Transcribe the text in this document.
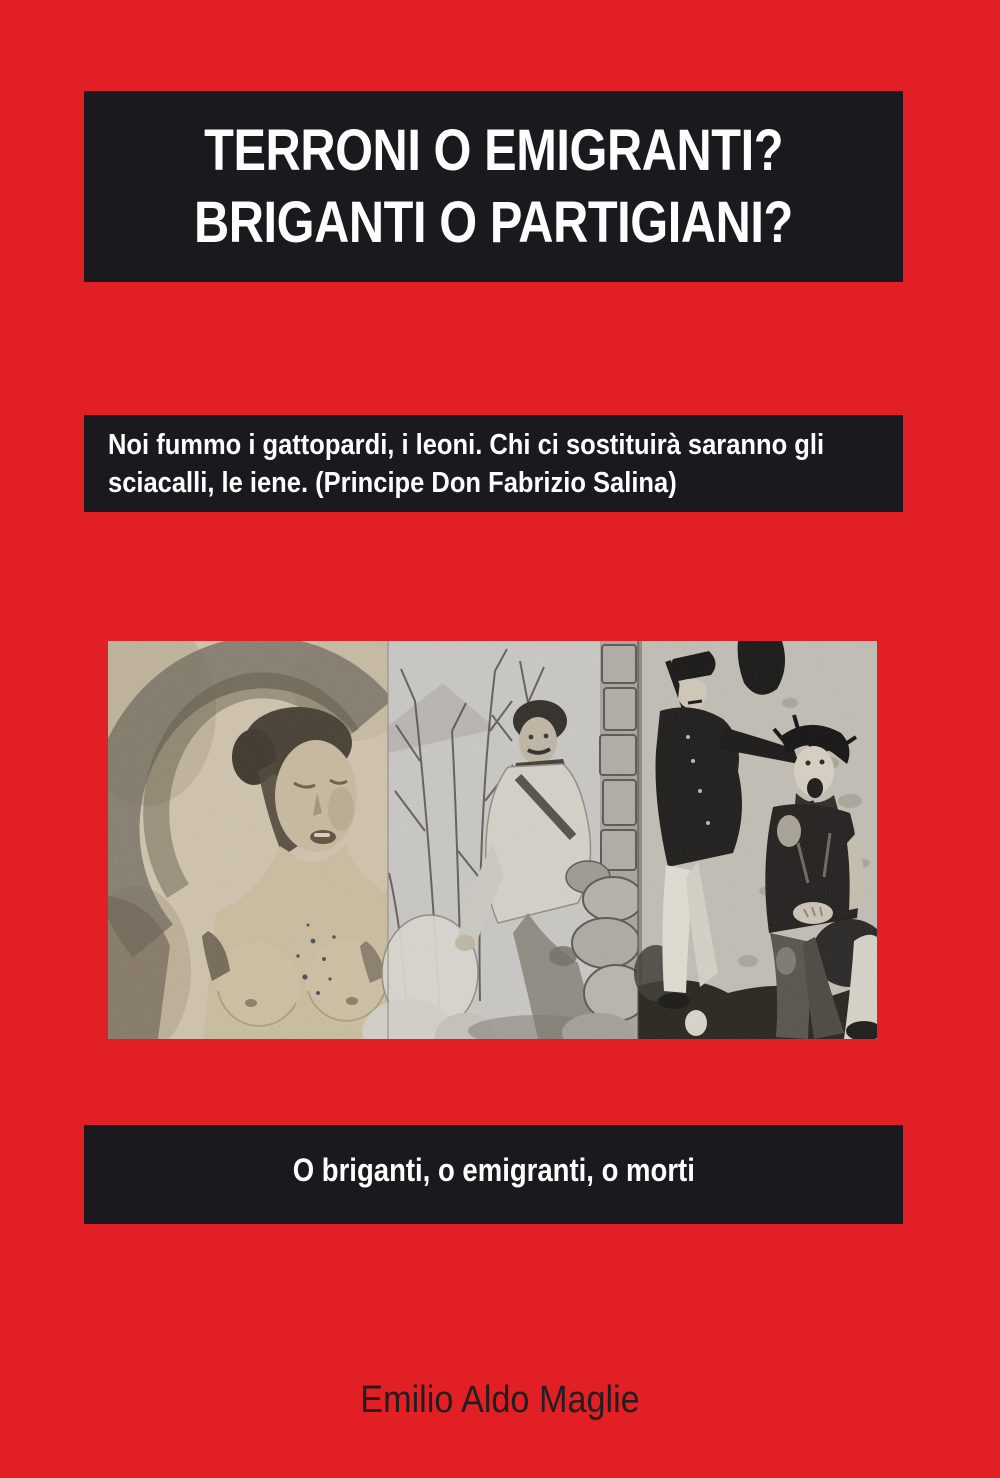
TERRONI O EMIGRANTI?
BRIGANTI O PARTIGIANI?
Noi fummo i gattopardi, i leoni. Chi ci sostituirà saranno gli
sciacalli, le iene. (Principe Don Fabrizio Salina)
O briganti, o emigranti, o morti
Emilio Aldo Maglie
